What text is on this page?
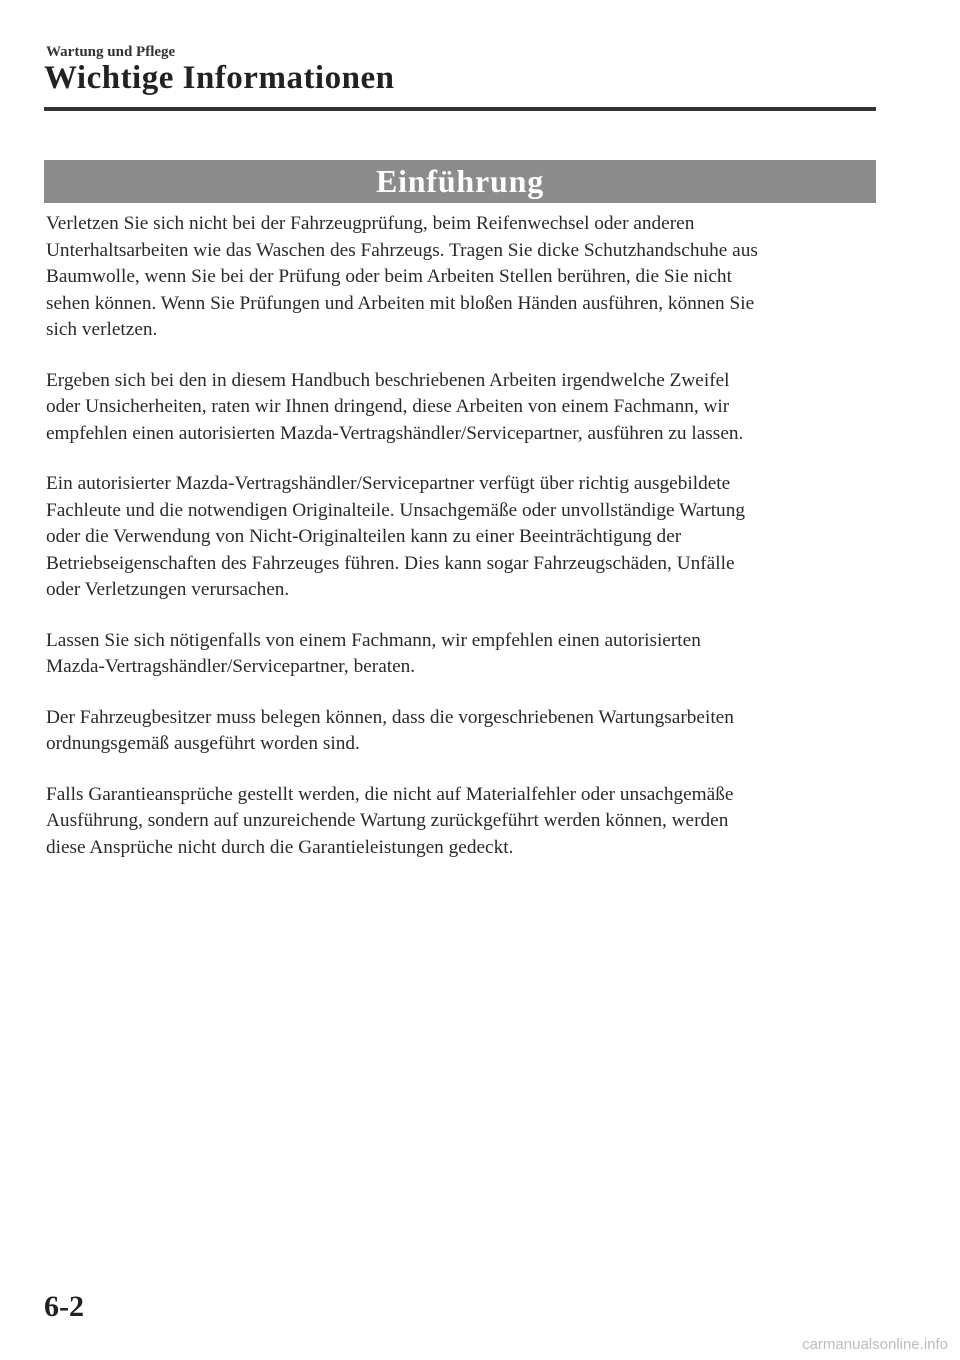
Wartung und Pflege
Wichtige Informationen
Einführung

Verletzen Sie sich nicht bei der Fahrzeugprüfung, beim Reifenwechsel oder anderen
Unterhaltsarbeiten wie das Waschen des Fahrzeugs. Tragen Sie dicke Schutzhandschuhe aus
Baumwolle, wenn Sie bei der Prüfung oder beim Arbeiten Stellen berühren, die Sie nicht
sehen können. Wenn Sie Prüfungen und Arbeiten mit bloßen Händen ausführen, können Sie
sich verletzen.

Ergeben sich bei den in diesem Handbuch beschriebenen Arbeiten irgendwelche Zweifel
oder Unsicherheiten, raten wir Ihnen dringend, diese Arbeiten von einem Fachmann, wir
empfehlen einen autorisierten Mazda-Vertragshändler/Servicepartner, ausführen zu lassen.

Ein autorisierter Mazda-Vertragshändler/Servicepartner verfügt über richtig ausgebildete
Fachleute und die notwendigen Originalteile. Unsachgemäße oder unvollständige Wartung
oder die Verwendung von Nicht-Originalteilen kann zu einer Beeinträchtigung der
Betriebseigenschaften des Fahrzeuges führen. Dies kann sogar Fahrzeugschäden, Unfälle
oder Verletzungen verursachen.

Lassen Sie sich nötigenfalls von einem Fachmann, wir empfehlen einen autorisierten
Mazda-Vertragshändler/Servicepartner, beraten.

Der Fahrzeugbesitzer muss belegen können, dass die vorgeschriebenen Wartungsarbeiten
ordnungsgemäß ausgeführt worden sind.

Falls Garantieansprüche gestellt werden, die nicht auf Materialfehler oder unsachgemäße
Ausführung, sondern auf unzureichende Wartung zurückgeführt werden können, werden
diese Ansprüche nicht durch die Garantieleistungen gedeckt.

6-2
carmanualsonline.info
